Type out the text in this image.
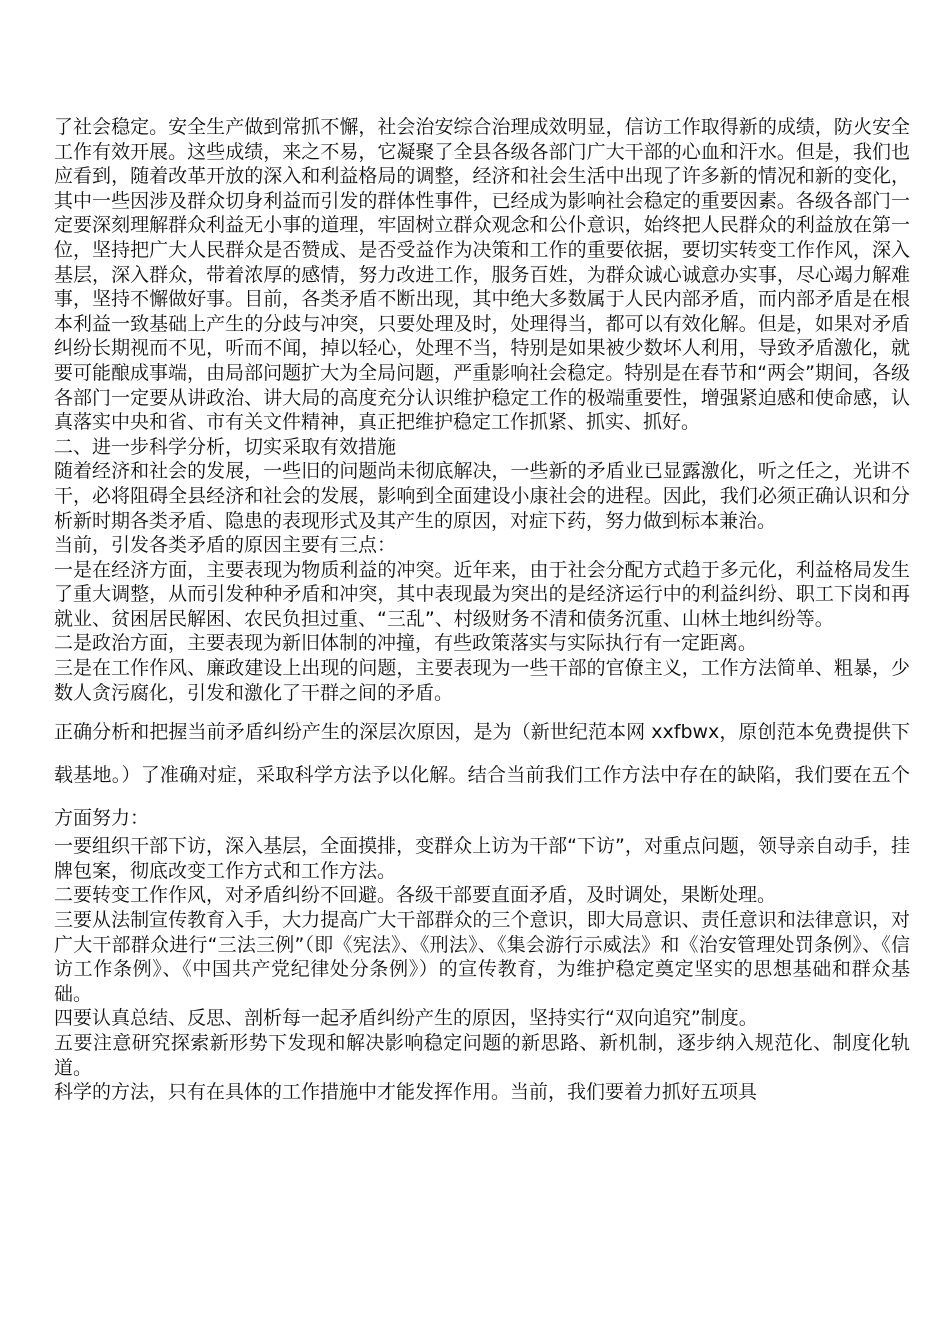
了社会稳定。安全生产做到常抓不懈，社会治安综合治理成效明显，信访工作取得新的成绩，防火安全工作有效开展。这些成绩，来之不易，它凝聚了全县各级各部门广大干部的心血和汗水。但是，我们也应看到，随着改革开放的深入和利益格局的调整，经济和社会生活中出现了许多新的情况和新的变化，其中一些因涉及群众切身利益而引发的群体性事件，已经成为影响社会稳定的重要因素。各级各部门一定要深刻理解群众利益无小事的道理，牢固树立群众观念和公仆意识，始终把人民群众的利益放在第一位，坚持把广大人民群众是否赞成、是否受益作为决策和工作的重要依据，要切实转变工作作风，深入基层，深入群众，带着浓厚的感情，努力改进工作，服务百姓，为群众诚心诚意办实事，尽心竭力解难事，坚持不懈做好事。目前，各类矛盾不断出现，其中绝大多数属于人民内部矛盾，而内部矛盾是在根本利益一致基础上产生的分歧与冲突，只要处理及时，处理得当，都可以有效化解。但是，如果对矛盾纠纷长期视而不见，听而不闻，掉以轻心，处理不当，特别是如果被少数坏人利用，导致矛盾激化，就要可能酿成事端，由局部问题扩大为全局问题，严重影响社会稳定。特别是在春节和“两会”期间，各级各部门一定要从讲政治、讲大局的高度充分认识维护稳定工作的极端重要性，增强紧迫感和使命感，认真落实中央和省、市有关文件精神，真正把维护稳定工作抓紧、抓实、抓好。

二、进一步科学分析，切实采取有效措施

随着经济和社会的发展，一些旧的问题尚未彻底解决，一些新的矛盾业已显露激化，听之任之，光讲不干，必将阻碍全县经济和社会的发展，影响到全面建设小康社会的进程。因此，我们必须正确认识和分析新时期各类矛盾、隐患的表现形式及其产生的原因，对症下药，努力做到标本兼治。

当前，引发各类矛盾的原因主要有三点：

一是在经济方面，主要表现为物质利益的冲突。近年来，由于社会分配方式趋于多元化，利益格局发生了重大调整，从而引发种种矛盾和冲突，其中表现最为突出的是经济运行中的利益纠纷、职工下岗和再就业、贫困居民解困、农民负担过重、“三乱”、村级财务不清和债务沉重、山林土地纠纷等。

二是政治方面，主要表现为新旧体制的冲撞，有些政策落实与实际执行有一定距离。

三是在工作作风、廉政建设上出现的问题，主要表现为一些干部的官僚主义，工作方法简单、粗暴，少数人贪污腐化，引发和激化了干群之间的矛盾。

正确分析和把握当前矛盾纠纷产生的深层次原因，是为（新世纪范本网 xxfbwx，原创范本免费提供下载基地。）了准确对症，采取科学方法予以化解。结合当前我们工作方法中存在的缺陷，我们要在五个方面努力：

一要组织干部下访，深入基层，全面摸排，变群众上访为干部“下访”，对重点问题，领导亲自动手，挂牌包案，彻底改变工作方式和工作方法。

二要转变工作作风，对矛盾纠纷不回避。各级干部要直面矛盾，及时调处，果断处理。

三要从法制宣传教育入手，大力提高广大干部群众的三个意识，即大局意识、责任意识和法律意识，对广大干部群众进行“三法三例”（即《宪法》、《刑法》、《集会游行示威法》和《治安管理处罚条例》、《信访工作条例》、《中国共产党纪律处分条例》）的宣传教育，为维护稳定奠定坚实的思想基础和群众基础。

四要认真总结、反思、剖析每一起矛盾纠纷产生的原因，坚持实行“双向追究”制度。

五要注意研究探索新形势下发现和解决影响稳定问题的新思路、新机制，逐步纳入规范化、制度化轨道。

科学的方法，只有在具体的工作措施中才能发挥作用。当前，我们要着力抓好五项具
